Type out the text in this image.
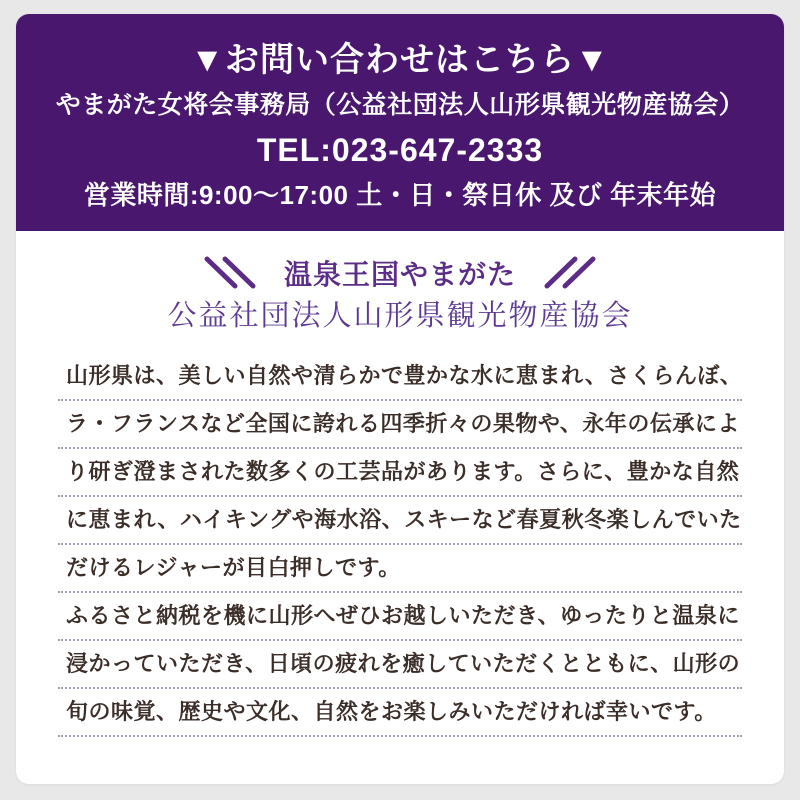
▼お問い合わせはこちら▼
やまがた女将会事務局（公益社団法人山形県観光物産協会）
TEL:023-647-2333
営業時間:9:00〜17:00 土・日・祭日休 及び 年末年始
温泉王国やまがた
公益社団法人山形県観光物産協会
山形県は、美しい自然や清らかで豊かな水に恵まれ、さくらんぼ、
ラ・フランスなど全国に誇れる四季折々の果物や、永年の伝承によ
り研ぎ澄まされた数多くの工芸品があります。さらに、豊かな自然
に恵まれ、ハイキングや海水浴、スキーなど春夏秋冬楽しんでいた
だけるレジャーが目白押しです。
ふるさと納税を機に山形へぜひお越しいただき、ゆったりと温泉に
浸かっていただき、日頃の疲れを癒していただくとともに、山形の
旬の味覚、歴史や文化、自然をお楽しみいただければ幸いです。
